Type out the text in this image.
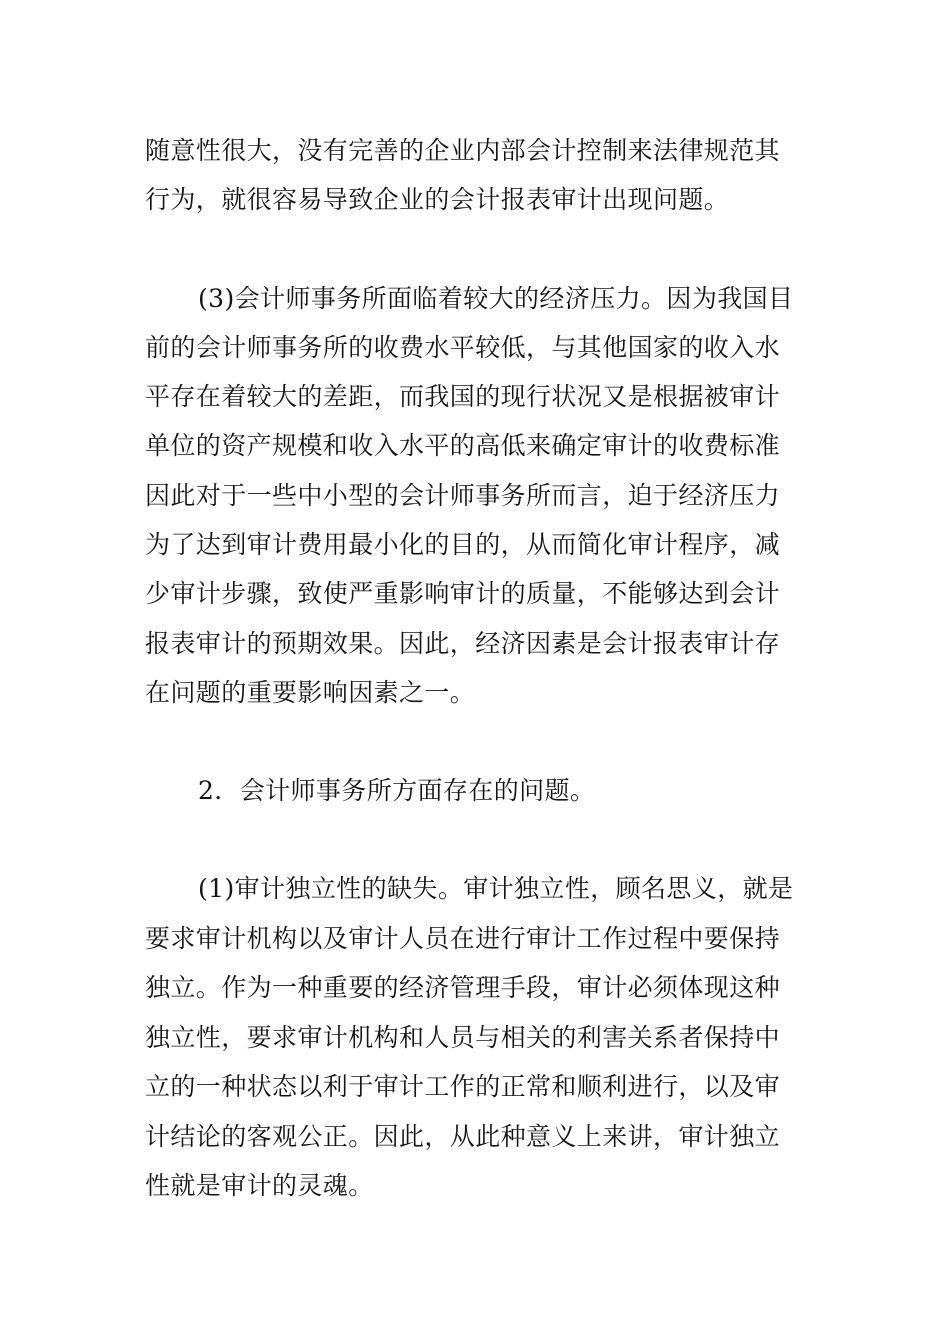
随意性很大，没有完善的企业内部会计控制来法律规范其
行为，就很容易导致企业的会计报表审计出现问题。
(3)会计师事务所面临着较大的经济压力。因为我国目
前的会计师事务所的收费水平较低，与其他国家的收入水
平存在着较大的差距，而我国的现行状况又是根据被审计
单位的资产规模和收入水平的高低来确定审计的收费标准
因此对于一些中小型的会计师事务所而言，迫于经济压力
为了达到审计费用最小化的目的，从而简化审计程序，减
少审计步骤，致使严重影响审计的质量，不能够达到会计
报表审计的预期效果。因此，经济因素是会计报表审计存
在问题的重要影响因素之一。
2．会计师事务所方面存在的问题。
(1)审计独立性的缺失。审计独立性，顾名思义，就是
要求审计机构以及审计人员在进行审计工作过程中要保持
独立。作为一种重要的经济管理手段，审计必须体现这种
独立性，要求审计机构和人员与相关的利害关系者保持中
立的一种状态以利于审计工作的正常和顺利进行，以及审
计结论的客观公正。因此，从此种意义上来讲，审计独立
性就是审计的灵魂。
